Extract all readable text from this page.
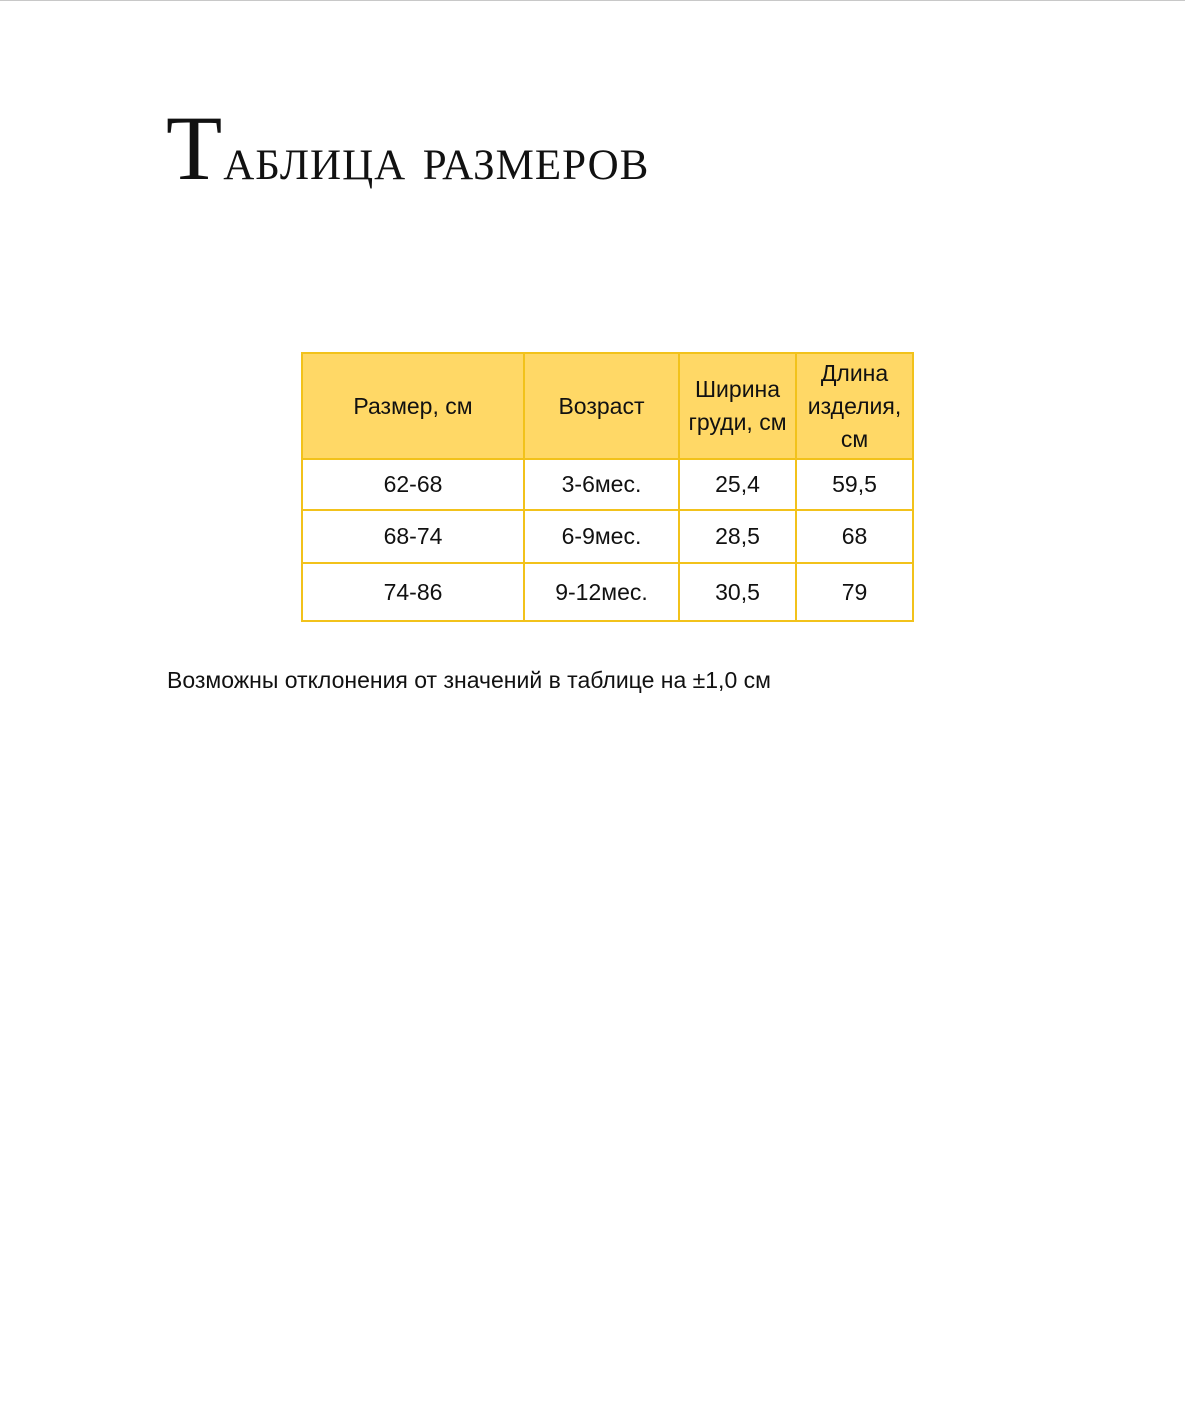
Таблица размеров
Размер, см	Возраст	Ширина груди, см	Длина изделия, см
62-68	3-6мес.	25,4	59,5
68-74	6-9мес.	28,5	68
74-86	9-12мес.	30,5	79

Возможны отклонения от значений в таблице на ±1,0 см
